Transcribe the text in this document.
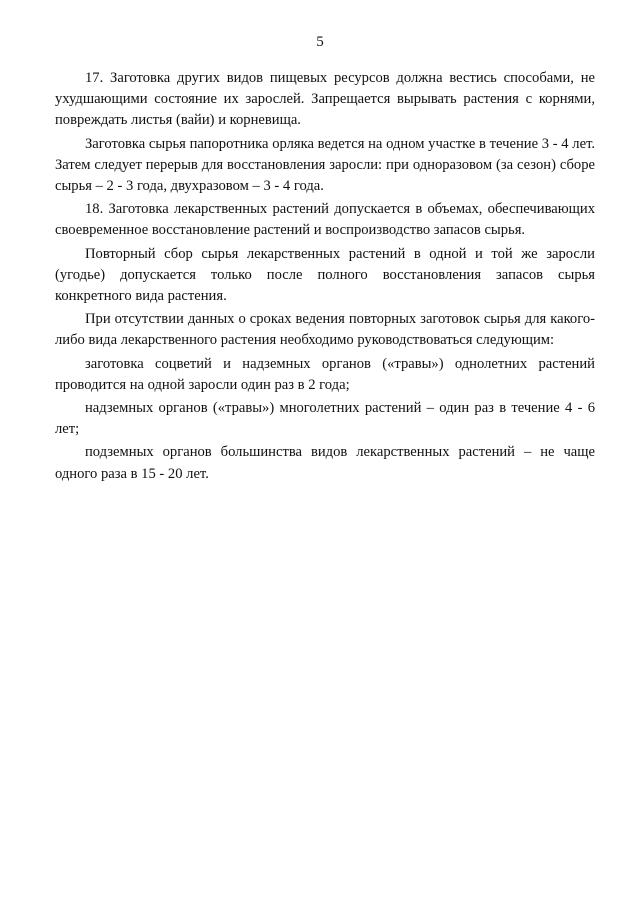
5

17. Заготовка других видов пищевых ресурсов должна вестись способами, не ухудшающими состояние их зарослей. Запрещается вырывать растения с корнями, повреждать листья (вайи) и корневища.

Заготовка сырья папоротника орляка ведется на одном участке в течение 3 - 4 лет. Затем следует перерыв для восстановления заросли: при одноразовом (за сезон) сборе сырья – 2 - 3 года, двухразовом – 3 - 4 года.

18. Заготовка лекарственных растений допускается в объемах, обеспечивающих своевременное восстановление растений и воспроизводство запасов сырья.

Повторный сбор сырья лекарственных растений в одной и той же заросли (угодье) допускается только после полного восстановления запасов сырья конкретного вида растения.

При отсутствии данных о сроках ведения повторных заготовок сырья для какого-либо вида лекарственного растения необходимо руководствоваться следующим:

заготовка соцветий и надземных органов («травы») однолетних растений проводится на одной заросли один раз в 2 года;

надземных органов («травы») многолетних растений – один раз в течение 4 - 6 лет;

подземных органов большинства видов лекарственных растений – не чаще одного раза в 15 - 20 лет.
